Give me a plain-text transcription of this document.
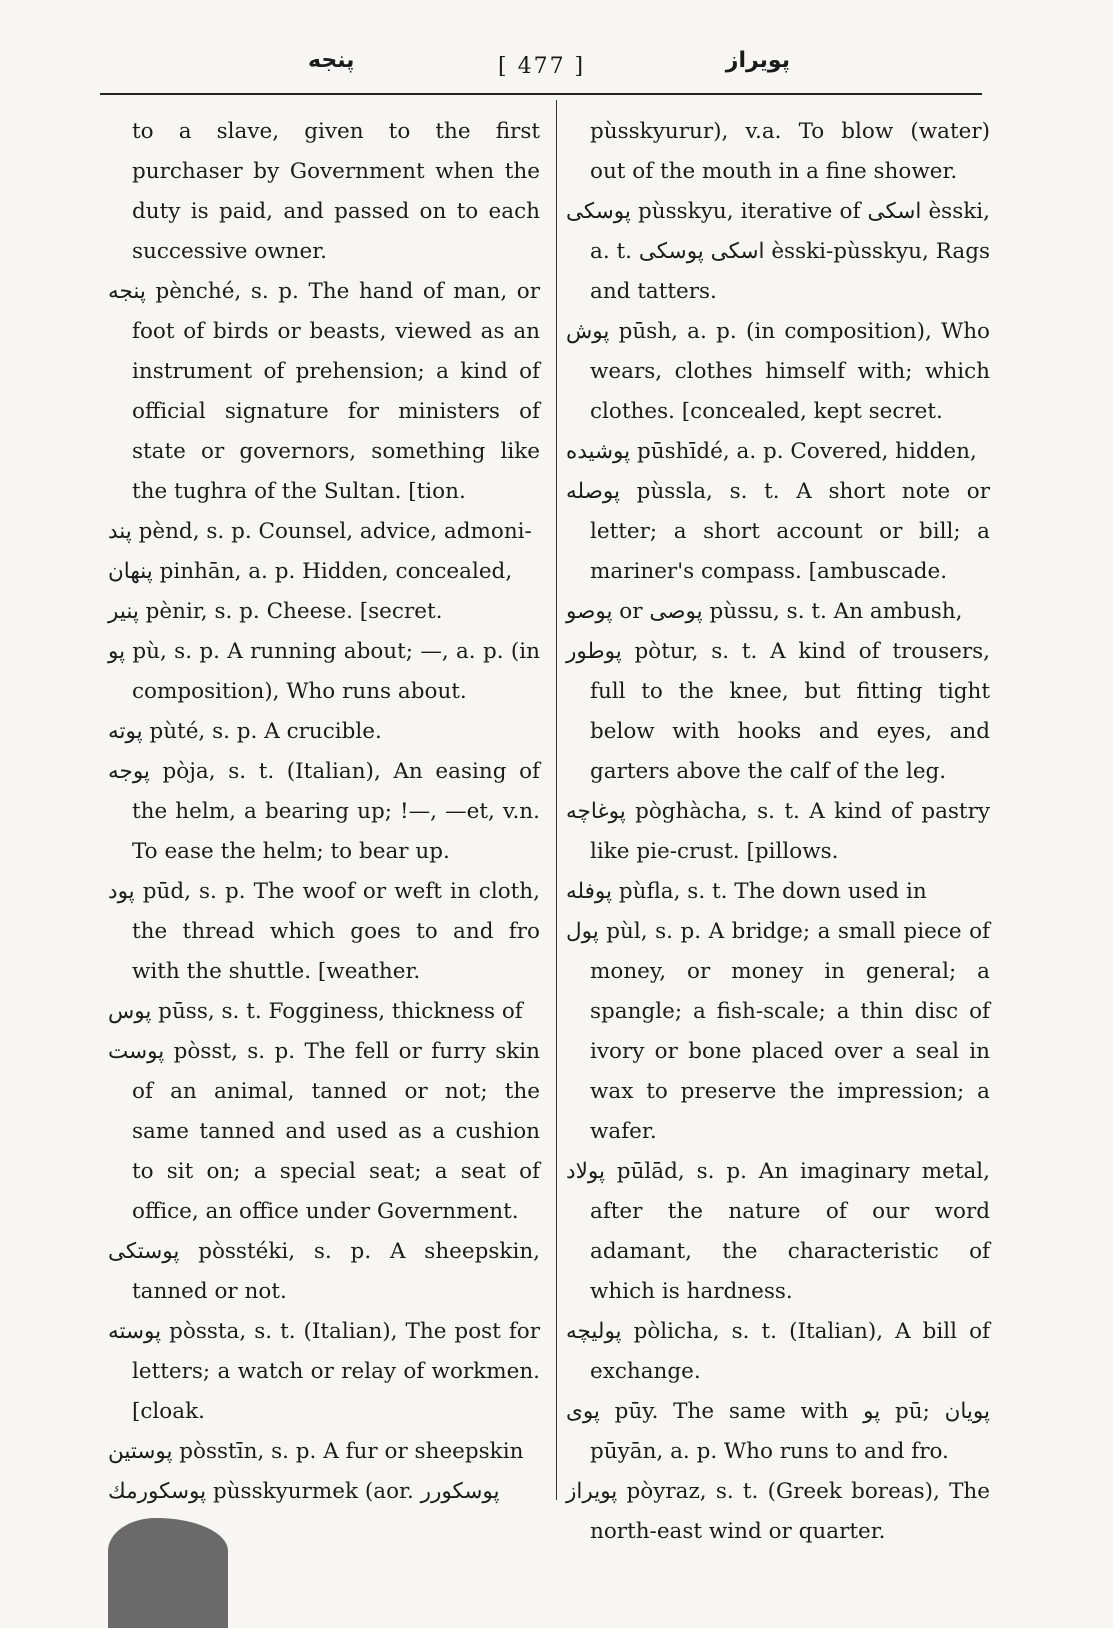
پنجه	[ 477 ]	پویراز
to a slave, given to the first purchaser by Government when the duty is paid, and passed on to each successive owner.
پنجه pènché, s. p. The hand of man, or foot of birds or beasts, viewed as an instrument of prehension; a kind of official signature for ministers of state or governors, something like the tughra of the Sultan. [tion.
پند pènd, s. p. Counsel, advice, admoni-
پنهان pinhān, a. p. Hidden, concealed,
پنیر pènir, s. p. Cheese. [secret.
پو pù, s. p. A running about; —, a. p. (in composition), Who runs about.
پوته pùté, s. p. A crucible.
پوجه pòja, s. t. (Italian), An easing of the helm, a bearing up; !—, —et, v.n. To ease the helm; to bear up.
پود pūd, s. p. The woof or weft in cloth, the thread which goes to and fro with the shuttle. [weather.
پوس pūss, s. t. Fogginess, thickness of
پوست pòsst, s. p. The fell or furry skin of an animal, tanned or not; the same tanned and used as a cushion to sit on; a special seat; a seat of office, an office under Government.
پوستکی pòsstéki, s. p. A sheepskin, tanned or not.
پوسته pòssta, s. t. (Italian), The post for letters; a watch or relay of workmen. [cloak.
پوستین pòsstīn, s. p. A fur or sheepskin
پوسکورمك pùsskyurmek (aor. پوسکورر
pùsskyurur), v.a. To blow (water) out of the mouth in a fine shower.
پوسکی pùsskyu, iterative of اسکی èsski, a. t. اسکی پوسکی èsski-pùsskyu, Rags and tatters.
پوش pūsh, a. p. (in composition), Who wears, clothes himself with; which clothes. [concealed, kept secret.
پوشیده pūshīdé, a. p. Covered, hidden,
پوصله pùssla, s. t. A short note or letter; a short account or bill; a mariner's compass. [ambuscade.
پوصو or پوصی pùssu, s. t. An ambush,
پوطور pòtur, s. t. A kind of trousers, full to the knee, but fitting tight below with hooks and eyes, and garters above the calf of the leg.
پوغاچه pòghàcha, s. t. A kind of pastry like pie-crust. [pillows.
پوفله pùfla, s. t. The down used in
پول pùl, s. p. A bridge; a small piece of money, or money in general; a spangle; a fish-scale; a thin disc of ivory or bone placed over a seal in wax to preserve the impression; a wafer.
پولاد pūlād, s. p. An imaginary metal, after the nature of our word adamant, the characteristic of which is hardness.
پولیچه pòlicha, s. t. (Italian), A bill of exchange.
پوی pūy. The same with پو pū; پویان pūyān, a. p. Who runs to and fro.
پویراز pòyraz, s. t. (Greek boreas), The north-east wind or quarter.
